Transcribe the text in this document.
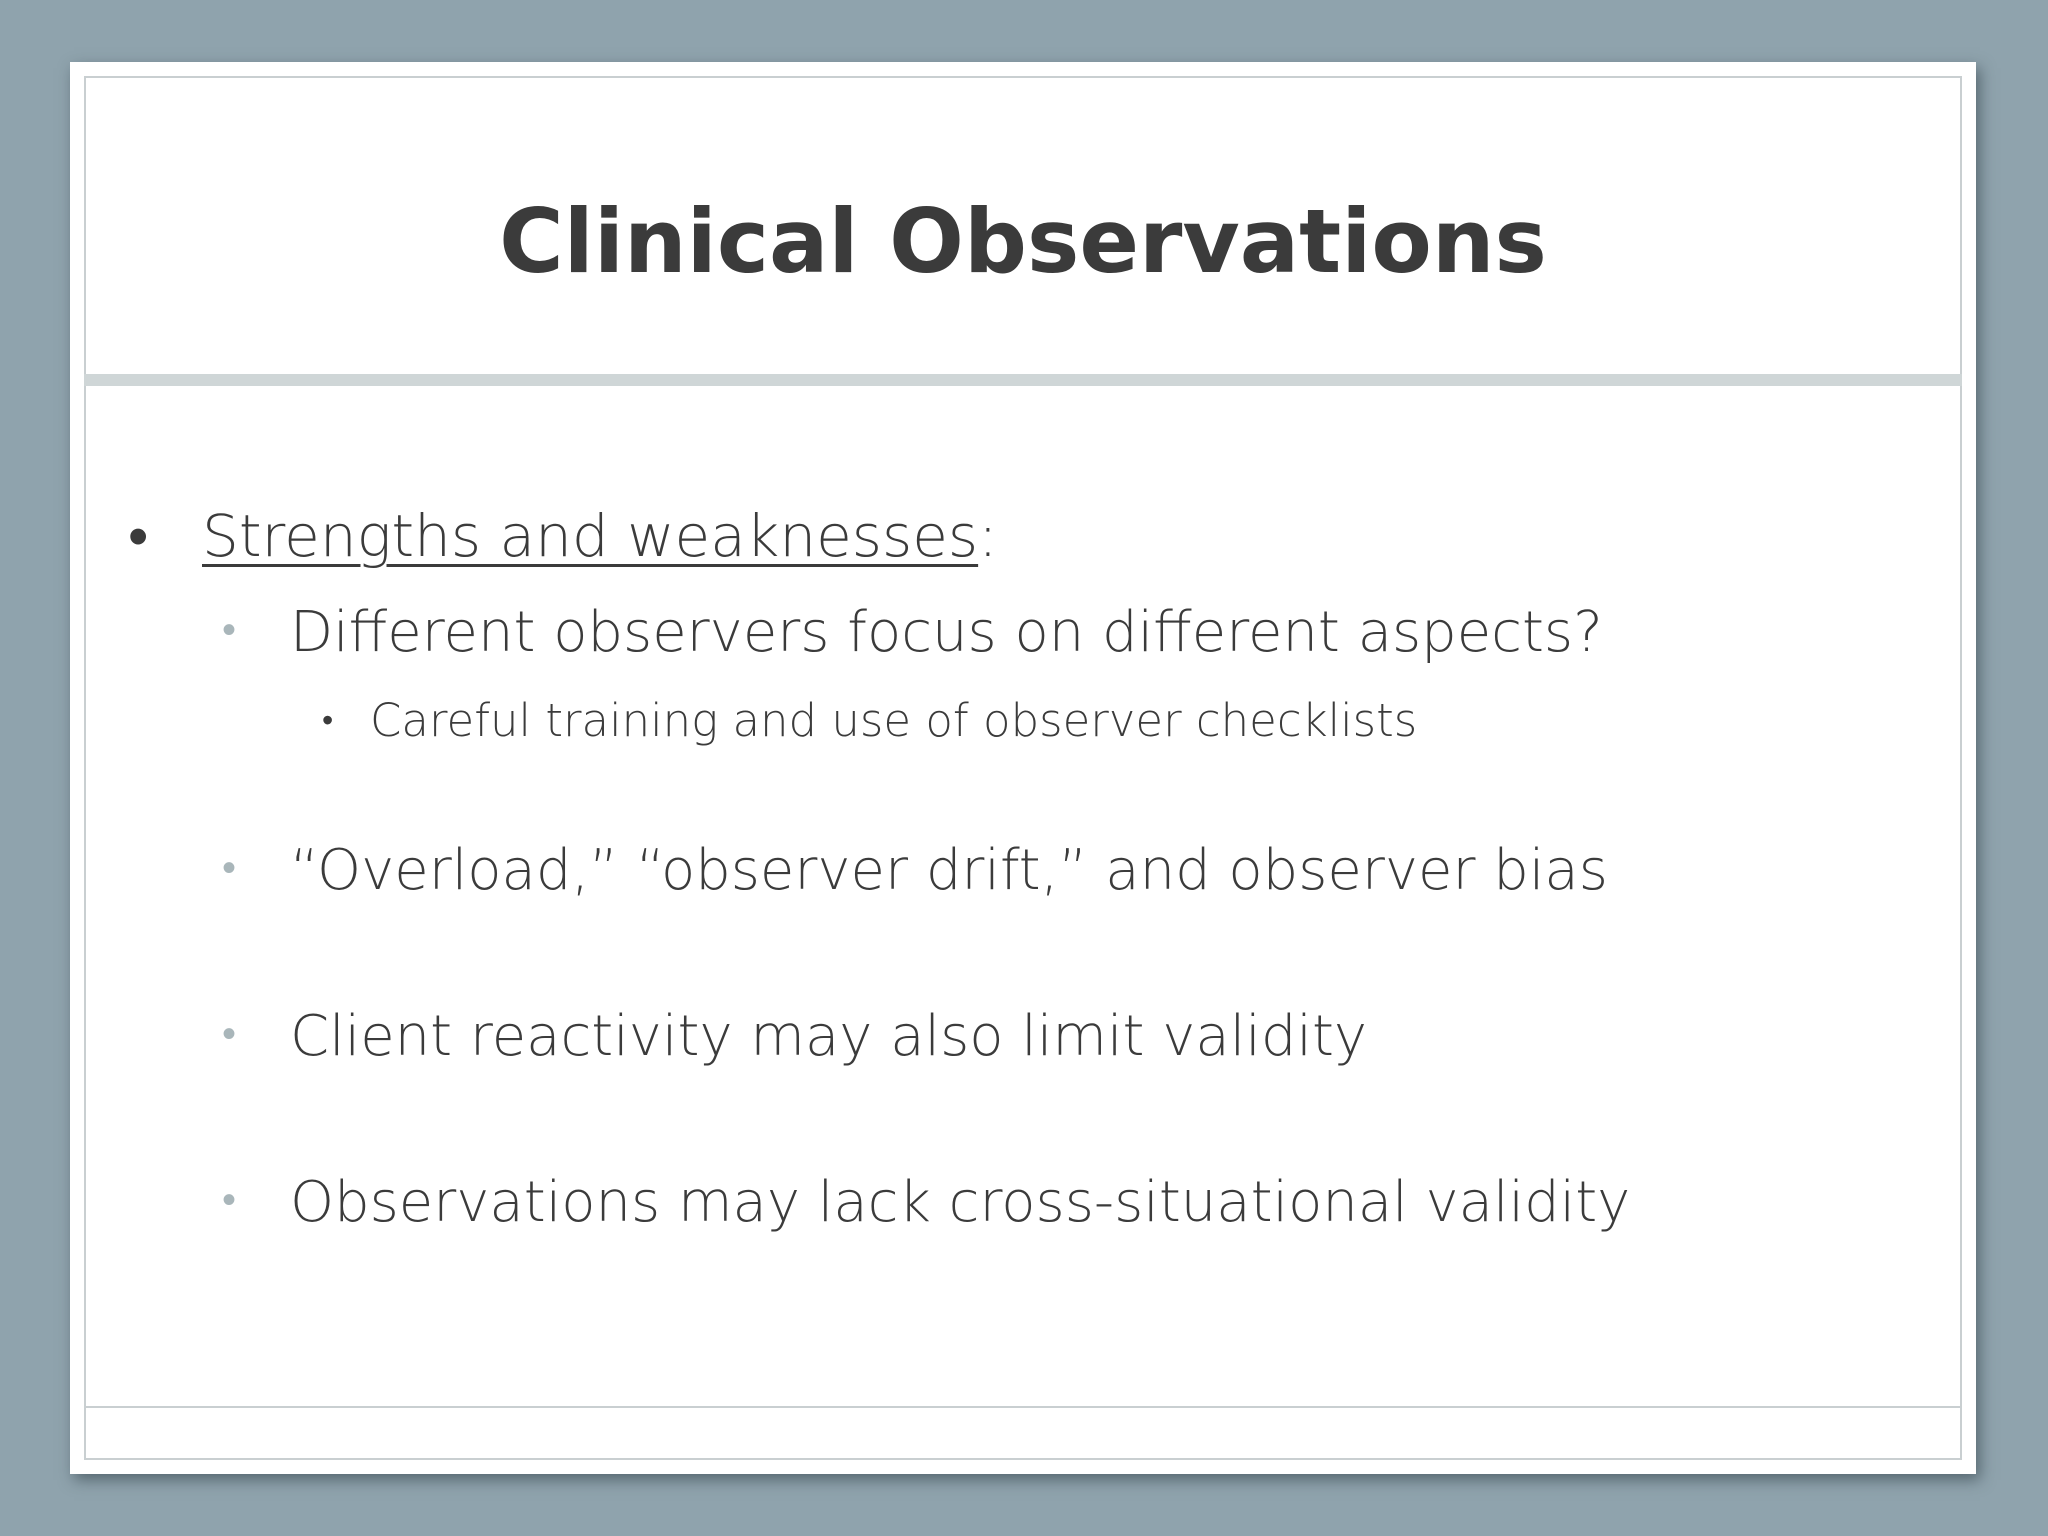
Clinical Observations
• Strengths and weaknesses:
• Different observers focus on different aspects?
• Careful training and use of observer checklists
• “Overload,” “observer drift,” and observer bias
• Client reactivity may also limit validity
• Observations may lack cross-situational validity
